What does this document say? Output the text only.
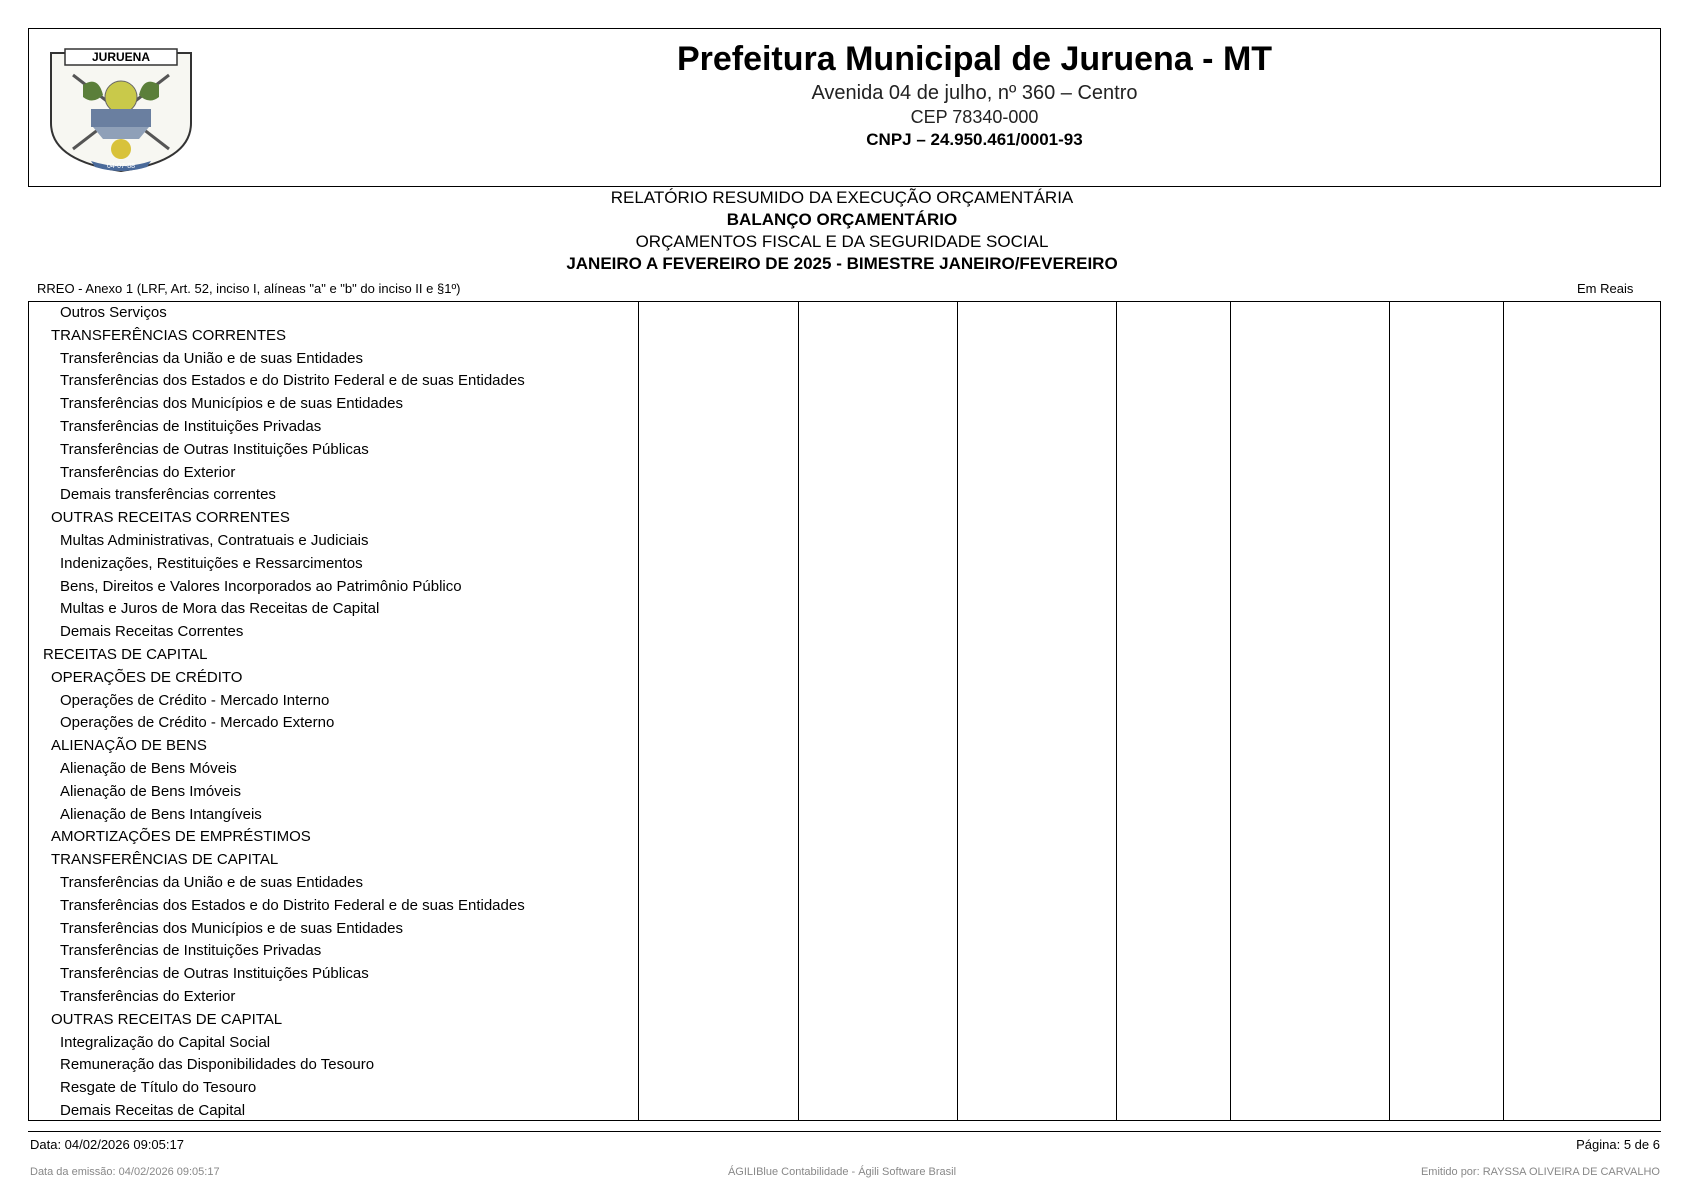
JURUENA
04-07-88
Prefeitura Municipal de Juruena - MT
Avenida 04 de julho, nº 360 – Centro
CEP 78340-000
CNPJ – 24.950.461/0001-93
RELATÓRIO RESUMIDO DA EXECUÇÃO ORÇAMENTÁRIA
BALANÇO ORÇAMENTÁRIO
ORÇAMENTOS FISCAL E DA SEGURIDADE SOCIAL
JANEIRO A FEVEREIRO DE 2025 - BIMESTRE JANEIRO/FEVEREIRO
RREO - Anexo 1 (LRF, Art. 52, inciso I, alíneas "a" e "b" do inciso II e §1º)	Em Reais
Outros Serviços
TRANSFERÊNCIAS CORRENTES
Transferências da União e de suas Entidades
Transferências dos Estados e do Distrito Federal e de suas Entidades
Transferências dos Municípios e de suas Entidades
Transferências de Instituições Privadas
Transferências de Outras Instituições Públicas
Transferências do Exterior
Demais transferências correntes
OUTRAS RECEITAS CORRENTES
Multas Administrativas, Contratuais e Judiciais
Indenizações, Restituições e Ressarcimentos
Bens, Direitos e Valores Incorporados ao Patrimônio Público
Multas e Juros de Mora das Receitas de Capital
Demais Receitas Correntes
RECEITAS DE CAPITAL
OPERAÇÕES DE CRÉDITO
Operações de Crédito - Mercado Interno
Operações de Crédito - Mercado Externo
ALIENAÇÃO DE BENS
Alienação de Bens Móveis
Alienação de Bens Imóveis
Alienação de Bens Intangíveis
AMORTIZAÇÕES DE EMPRÉSTIMOS
TRANSFERÊNCIAS DE CAPITAL
Transferências da União e de suas Entidades
Transferências dos Estados e do Distrito Federal e de suas Entidades
Transferências dos Municípios e de suas Entidades
Transferências de Instituições Privadas
Transferências de Outras Instituições Públicas
Transferências do Exterior
OUTRAS RECEITAS DE CAPITAL
Integralização do Capital Social
Remuneração das Disponibilidades do Tesouro
Resgate de Título do Tesouro
Demais Receitas de Capital
Data: 04/02/2026 09:05:17	Página: 5 de 6
Data da emissão: 04/02/2026 09:05:17	ÁGILIBlue Contabilidade - Ágili Software Brasil	Emitido por: RAYSSA OLIVEIRA DE CARVALHO
